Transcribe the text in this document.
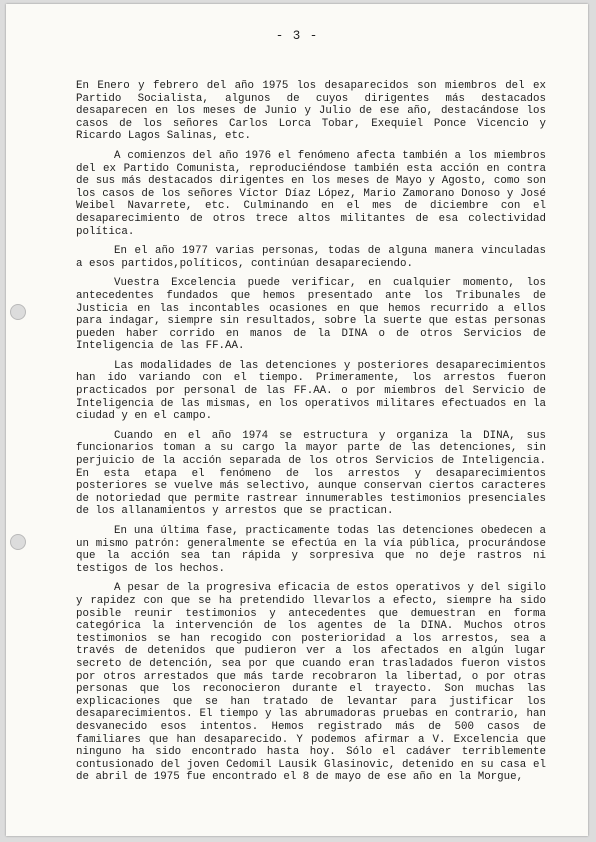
- 3 -

En Enero y febrero del año 1975 los desaparecidos son miembros del ex Partido Socialista, algunos de cuyos dirigentes más destacados desaparecen en los meses de Junio y Julio de ese año, destacándose los casos de los señores Carlos Lorca Tobar, Exequiel Ponce Vicencio y Ricardo Lagos Salinas, etc.

A comienzos del año 1976 el fenómeno afecta también a los miembros del ex Partido Comunista, reproduciéndose también esta acción en contra de sus más destacados dirigentes en los meses de Mayo y Agosto, como son los casos de los señores Víctor Díaz López, Mario Zamorano Donoso y José Weibel Navarrete, etc. Culminando en el mes de diciembre con el desaparecimiento de otros trece altos militantes de esa colectividad política.

En el año 1977 varias personas, todas de alguna manera vinculadas a esos partidos,políticos, continúan desapareciendo.

Vuestra Excelencia puede verificar, en cualquier momento, los antecedentes fundados que hemos presentado ante los Tribunales de Justicia en las incontables ocasiones en que hemos recurrido a ellos para indagar, siempre sin resultados, sobre la suerte que estas personas pueden haber corrido en manos de la DINA o de otros Servicios de Inteligencia de las FF.AA.

Las modalidades de las detenciones y posteriores desaparecimientos han ido variando con el tiempo. Primeramente, los arrestos fueron practicados por personal de las FF.AA. o por miembros del Servicio de Inteligencia de las mismas, en los operativos militares efectuados en la ciudad y en el campo.

Cuando en el año 1974 se estructura y organiza la DINA, sus funcionarios toman a su cargo la mayor parte de las detenciones, sin perjuicio de la acción separada de los otros Servicios de Inteligencia. En esta etapa el fenómeno de los arrestos y desaparecimientos posteriores se vuelve más selectivo, aunque conservan ciertos caracteres de notoriedad que permite rastrear innumerables testimonios presenciales de los allanamientos y arrestos que se practican.

En una última fase, practicamente todas las detenciones obedecen a un mismo patrón: generalmente se efectúa en la vía pública, procurándose que la acción sea tan rápida y sorpresiva que no deje rastros ni testigos de los hechos.

A pesar de la progresiva eficacia de estos operativos y del sigilo y rapidez con que se ha pretendido llevarlos a efecto, siempre ha sido posible reunir testimonios y antecedentes que demuestran en forma categórica la intervención de los agentes de la DINA. Muchos otros testimonios se han recogido con posterioridad a los arrestos, sea a través de detenidos que pudieron ver a los afectados en algún lugar secreto de detención, sea por que cuando eran trasladados fueron vistos por otros arrestados que más tarde recobraron la libertad, o por otras personas que los reconocieron durante el trayecto. Son muchas las explicaciones que se han tratado de levantar para justificar los desaparecimientos. El tiempo y las abrumadoras pruebas en contrario, han desvanecido esos intentos. Hemos registrado más de 500 casos de familiares que han desaparecido. Y podemos afirmar a V. Excelencia que ninguno ha sido encontrado hasta hoy. Sólo el cadáver terriblemente contusionado del joven Cedomil Lausik Glasinovic, detenido en su casa el de abril de 1975 fue encontrado el 8 de mayo de ese año en la Morgue,
